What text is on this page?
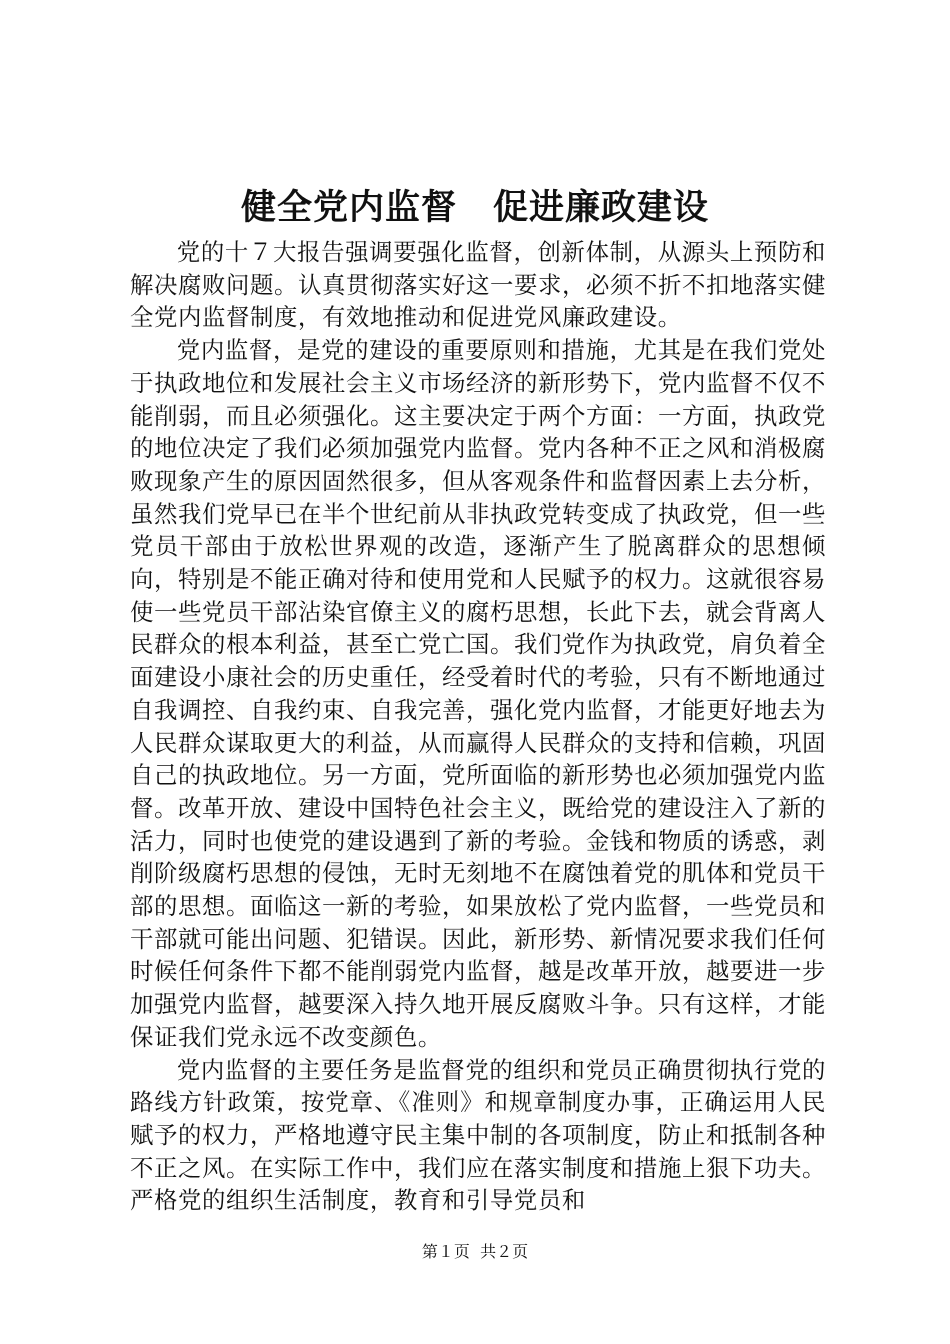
健全党内监督　促进廉政建设

党的十７大报告强调要强化监督，创新体制，从源头上预防和解决腐败问题。认真贯彻落实好这一要求，必须不折不扣地落实健全党内监督制度，有效地推动和促进党风廉政建设。

党内监督，是党的建设的重要原则和措施，尤其是在我们党处于执政地位和发展社会主义市场经济的新形势下，党内监督不仅不能削弱，而且必须强化。这主要决定于两个方面：一方面，执政党的地位决定了我们必须加强党内监督。党内各种不正之风和消极腐败现象产生的原因固然很多，但从客观条件和监督因素上去分析，虽然我们党早已在半个世纪前从非执政党转变成了执政党，但一些党员干部由于放松世界观的改造，逐渐产生了脱离群众的思想倾向，特别是不能正确对待和使用党和人民赋予的权力。这就很容易使一些党员干部沾染官僚主义的腐朽思想，长此下去，就会背离人民群众的根本利益，甚至亡党亡国。我们党作为执政党，肩负着全面建设小康社会的历史重任，经受着时代的考验，只有不断地通过自我调控、自我约束、自我完善，强化党内监督，才能更好地去为人民群众谋取更大的利益，从而赢得人民群众的支持和信赖，巩固自己的执政地位。另一方面，党所面临的新形势也必须加强党内监督。改革开放、建设中国特色社会主义，既给党的建设注入了新的活力，同时也使党的建设遇到了新的考验。金钱和物质的诱惑，剥削阶级腐朽思想的侵蚀，无时无刻地不在腐蚀着党的肌体和党员干部的思想。面临这一新的考验，如果放松了党内监督，一些党员和干部就可能出问题、犯错误。因此，新形势、新情况要求我们任何时候任何条件下都不能削弱党内监督，越是改革开放，越要进一步加强党内监督，越要深入持久地开展反腐败斗争。只有这样，才能保证我们党永远不改变颜色。

党内监督的主要任务是监督党的组织和党员正确贯彻执行党的路线方针政策，按党章、《准则》和规章制度办事，正确运用人民赋予的权力，严格地遵守民主集中制的各项制度，防止和抵制各种不正之风。在实际工作中，我们应在落实制度和措施上狠下功夫。严格党的组织生活制度，教育和引导党员和

第１页  共２页
